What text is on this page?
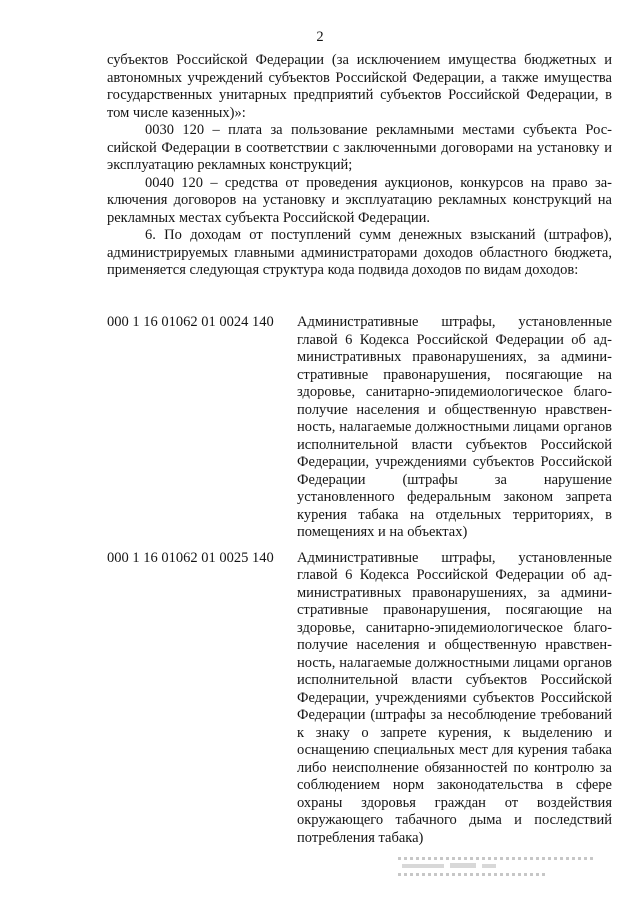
2

субъектов Российской Федерации (за исключением имущества бюджетных и автономных учреждений субъектов Российской Федерации, а также имущества государственных унитарных предприятий субъектов Российской Федерации, в том числе казенных)»:

0030 120 – плата за пользование рекламными местами субъекта Российской Федерации в соответствии с заключенными договорами на установку и эксплуатацию рекламных конструкций;

0040 120 – средства от проведения аукционов, конкурсов на право заключения договоров на установку и эксплуатацию рекламных конструкций на рекламных местах субъекта Российской Федерации.

6. По доходам от поступлений сумм денежных взысканий (штрафов), администрируемых главными администраторами доходов областного бюджета, применяется следующая структура кода подвида доходов по видам доходов:

000 1 16 01062 01 0024 140	Административные штрафы, установленные главой 6 Кодекса Российской Федерации об административных правонарушениях, за административные правонарушения, посягающие на здоровье, санитарно-эпидемиологическое благополучие населения и общественную нравственность, налагаемые должностными лицами органов исполнительной власти субъектов Российской Федерации, учреждениями субъектов Российской Федерации (штрафы за нарушение установленного федеральным законом запрета курения табака на отдельных территориях, в помещениях и на объектах)
000 1 16 01062 01 0025 140	Административные штрафы, установленные главой 6 Кодекса Российской Федерации об административных правонарушениях, за административные правонарушения, посягающие на здоровье, санитарно-эпидемиологическое благополучие населения и общественную нравственность, налагаемые должностными лицами органов исполнительной власти субъектов Российской Федерации, учреждениями субъектов Российской Федерации (штрафы за несоблюдение требований к знаку о запрете курения, к выделению и оснащению специальных мест для курения табака либо неисполнение обязанностей по контролю за соблюдением норм законодательства в сфере охраны здоровья граждан от воздействия окружающего табачного дыма и последствий потребления табака)
